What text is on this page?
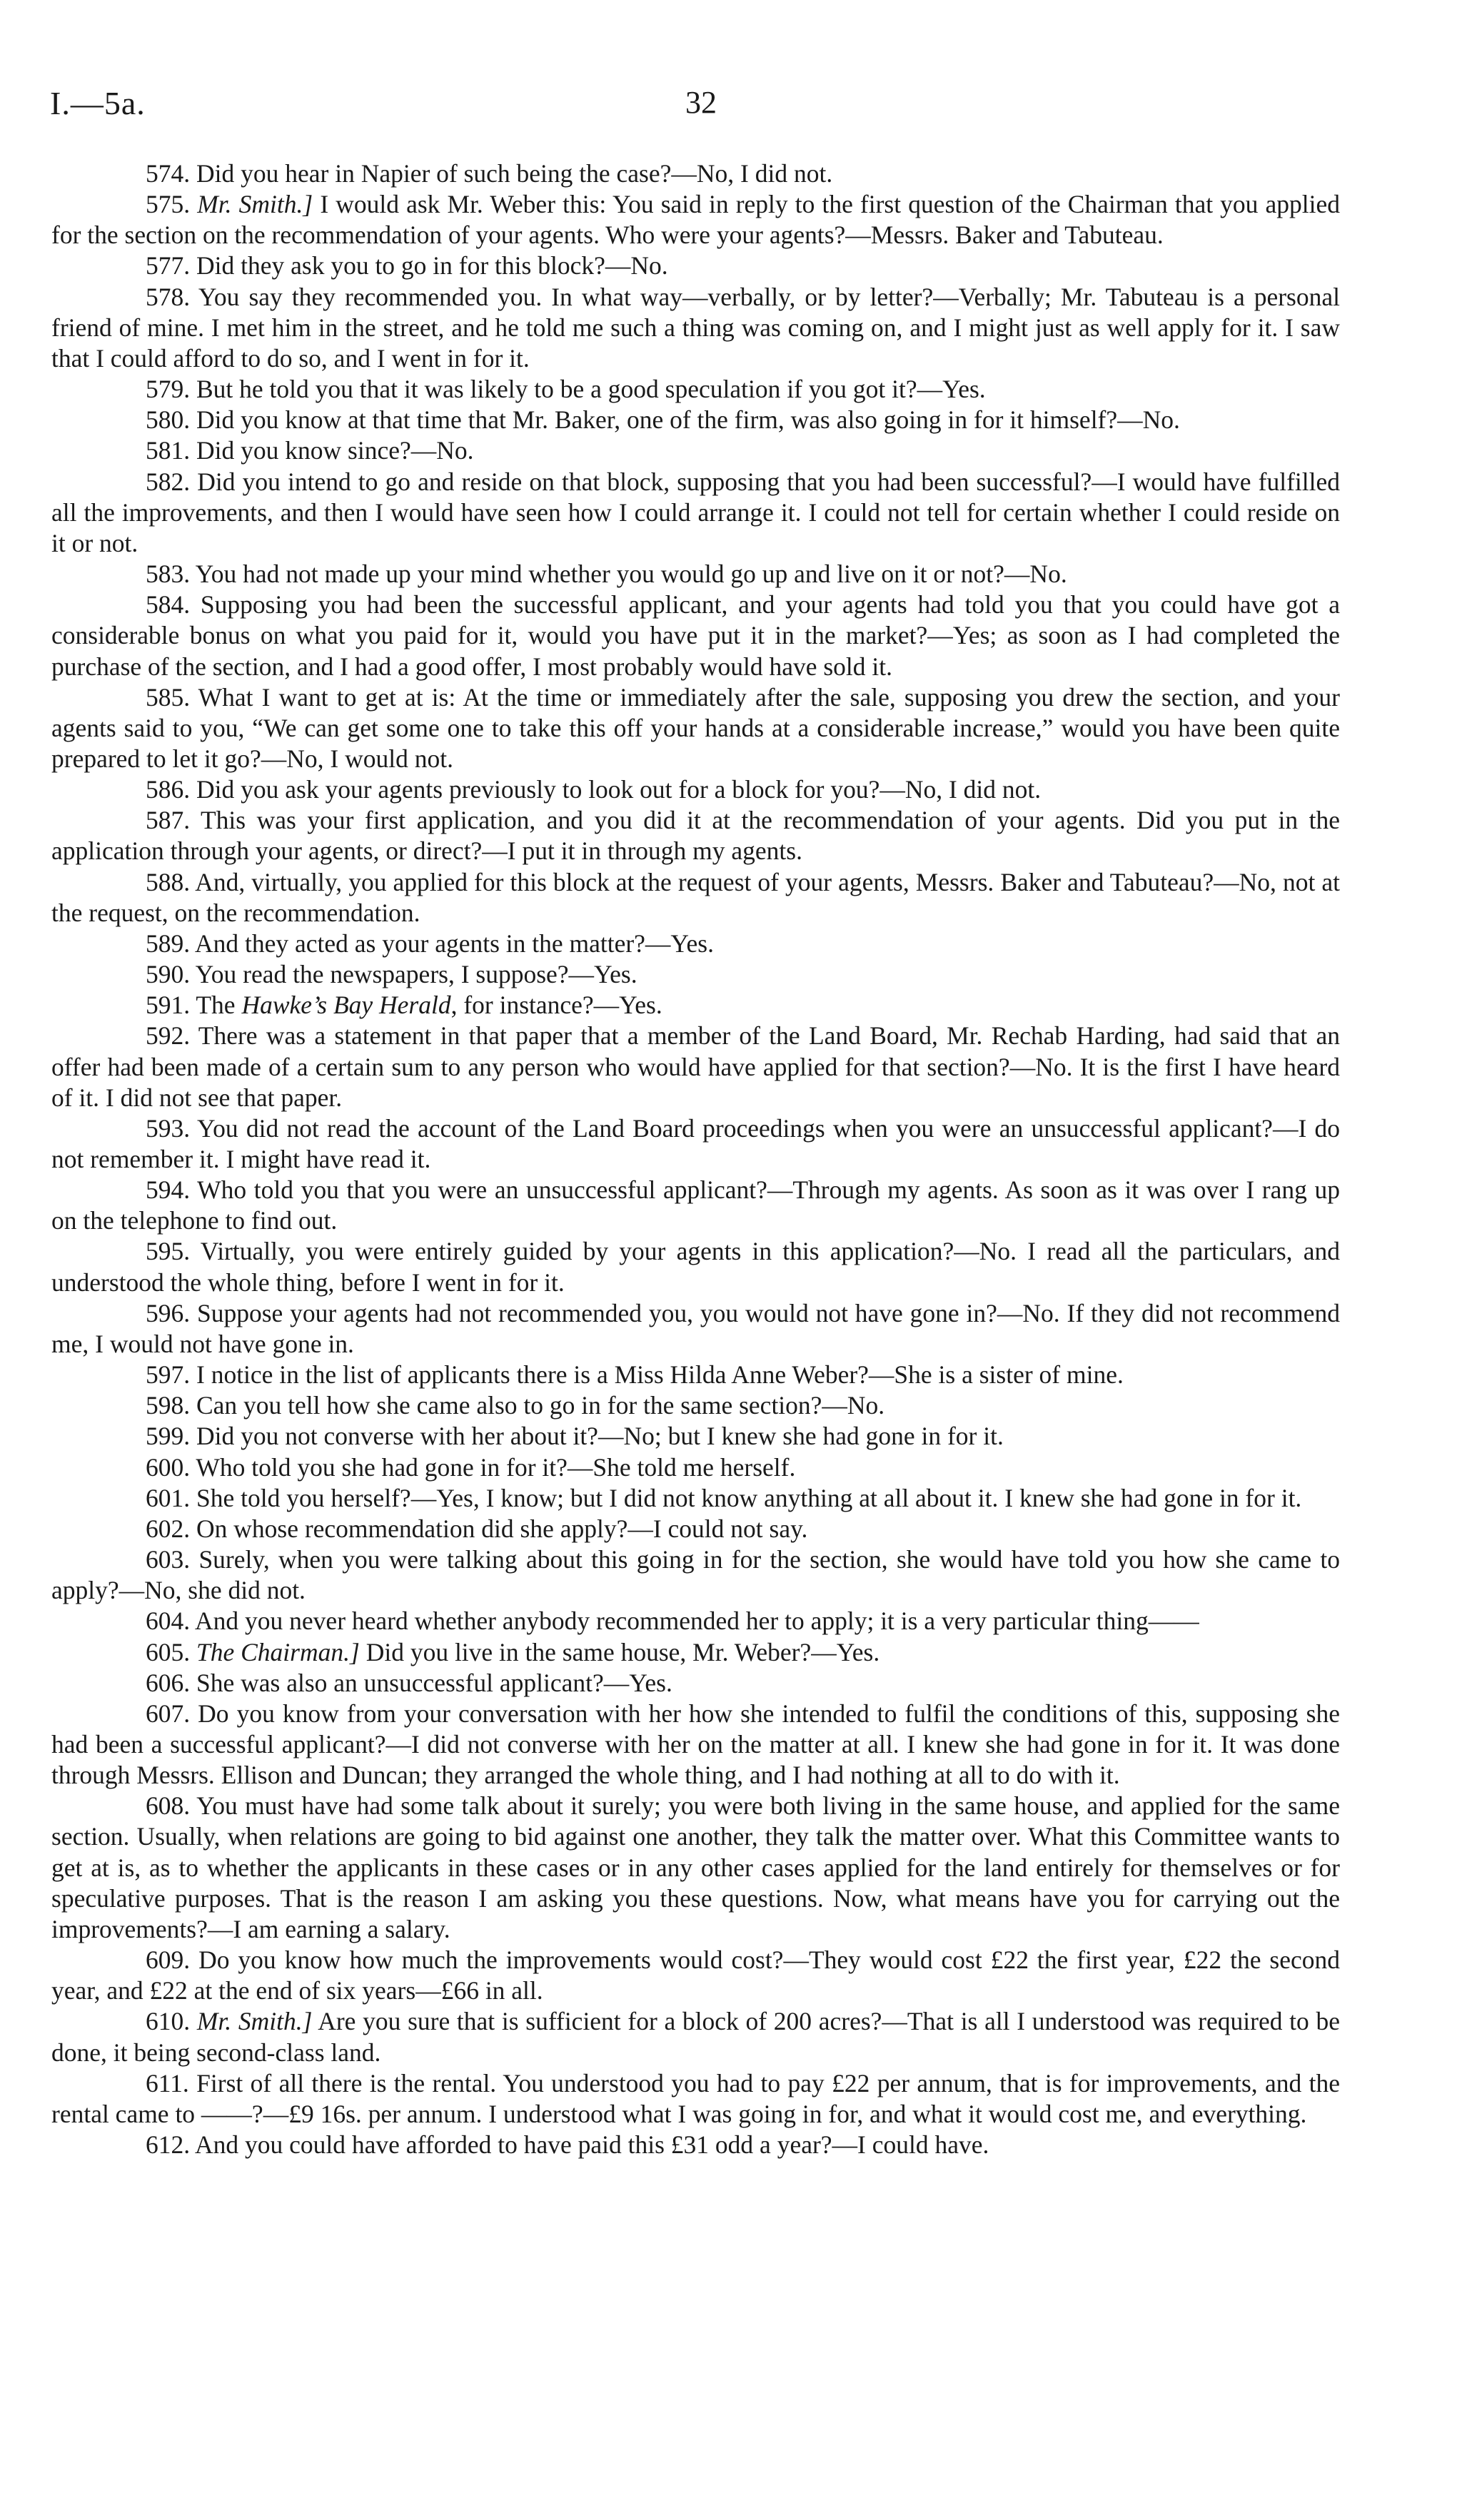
I.—5a.	32

574. Did you hear in Napier of such being the case?—No, I did not.

575. Mr. Smith.] I would ask Mr. Weber this: You said in reply to the first question of the Chairman that you applied for the section on the recommendation of your agents. Who were your agents?—Messrs. Baker and Tabuteau.

577. Did they ask you to go in for this block?—No.

578. You say they recommended you. In what way—verbally, or by letter?—Verbally; Mr. Tabuteau is a personal friend of mine. I met him in the street, and he told me such a thing was coming on, and I might just as well apply for it. I saw that I could afford to do so, and I went in for it.

579. But he told you that it was likely to be a good speculation if you got it?—Yes.

580. Did you know at that time that Mr. Baker, one of the firm, was also going in for it himself?—No.

581. Did you know since?—No.

582. Did you intend to go and reside on that block, supposing that you had been successful?—I would have fulfilled all the improvements, and then I would have seen how I could arrange it. I could not tell for certain whether I could reside on it or not.

583. You had not made up your mind whether you would go up and live on it or not?—No.

584. Supposing you had been the successful applicant, and your agents had told you that you could have got a considerable bonus on what you paid for it, would you have put it in the market?—Yes; as soon as I had completed the purchase of the section, and I had a good offer, I most probably would have sold it.

585. What I want to get at is: At the time or immediately after the sale, supposing you drew the section, and your agents said to you, “We can get some one to take this off your hands at a considerable increase,” would you have been quite prepared to let it go?—No, I would not.

586. Did you ask your agents previously to look out for a block for you?—No, I did not.

587. This was your first application, and you did it at the recommendation of your agents. Did you put in the application through your agents, or direct?—I put it in through my agents.

588. And, virtually, you applied for this block at the request of your agents, Messrs. Baker and Tabuteau?—No, not at the request, on the recommendation.

589. And they acted as your agents in the matter?—Yes.

590. You read the newspapers, I suppose?—Yes.

591. The Hawke’s Bay Herald, for instance?—Yes.

592. There was a statement in that paper that a member of the Land Board, Mr. Rechab Harding, had said that an offer had been made of a certain sum to any person who would have applied for that section?—No. It is the first I have heard of it. I did not see that paper.

593. You did not read the account of the Land Board proceedings when you were an unsuccessful applicant?—I do not remember it. I might have read it.

594. Who told you that you were an unsuccessful applicant?—Through my agents. As soon as it was over I rang up on the telephone to find out.

595. Virtually, you were entirely guided by your agents in this application?—No. I read all the particulars, and understood the whole thing, before I went in for it.

596. Suppose your agents had not recommended you, you would not have gone in?—No. If they did not recommend me, I would not have gone in.

597. I notice in the list of applicants there is a Miss Hilda Anne Weber?—She is a sister of mine.

598. Can you tell how she came also to go in for the same section?—No.

599. Did you not converse with her about it?—No; but I knew she had gone in for it.

600. Who told you she had gone in for it?—She told me herself.

601. She told you herself?—Yes, I know; but I did not know anything at all about it. I knew she had gone in for it.

602. On whose recommendation did she apply?—I could not say.

603. Surely, when you were talking about this going in for the section, she would have told you how she came to apply?—No, she did not.

604. And you never heard whether anybody recommended her to apply; it is a very particular thing——

605. The Chairman.] Did you live in the same house, Mr. Weber?—Yes.

606. She was also an unsuccessful applicant?—Yes.

607. Do you know from your conversation with her how she intended to fulfil the conditions of this, supposing she had been a successful applicant?—I did not converse with her on the matter at all. I knew she had gone in for it. It was done through Messrs. Ellison and Duncan; they arranged the whole thing, and I had nothing at all to do with it.

608. You must have had some talk about it surely; you were both living in the same house, and applied for the same section. Usually, when relations are going to bid against one another, they talk the matter over. What this Committee wants to get at is, as to whether the applicants in these cases or in any other cases applied for the land entirely for themselves or for speculative purposes. That is the reason I am asking you these questions. Now, what means have you for carrying out the improvements?—I am earning a salary.

609. Do you know how much the improvements would cost?—They would cost £22 the first year, £22 the second year, and £22 at the end of six years—£66 in all.

610. Mr. Smith.] Are you sure that is sufficient for a block of 200 acres?—That is all I understood was required to be done, it being second-class land.

611. First of all there is the rental. You understood you had to pay £22 per annum, that is for improvements, and the rental came to ——?—£9 16s. per annum. I understood what I was going in for, and what it would cost me, and everything.

612. And you could have afforded to have paid this £31 odd a year?—I could have.
